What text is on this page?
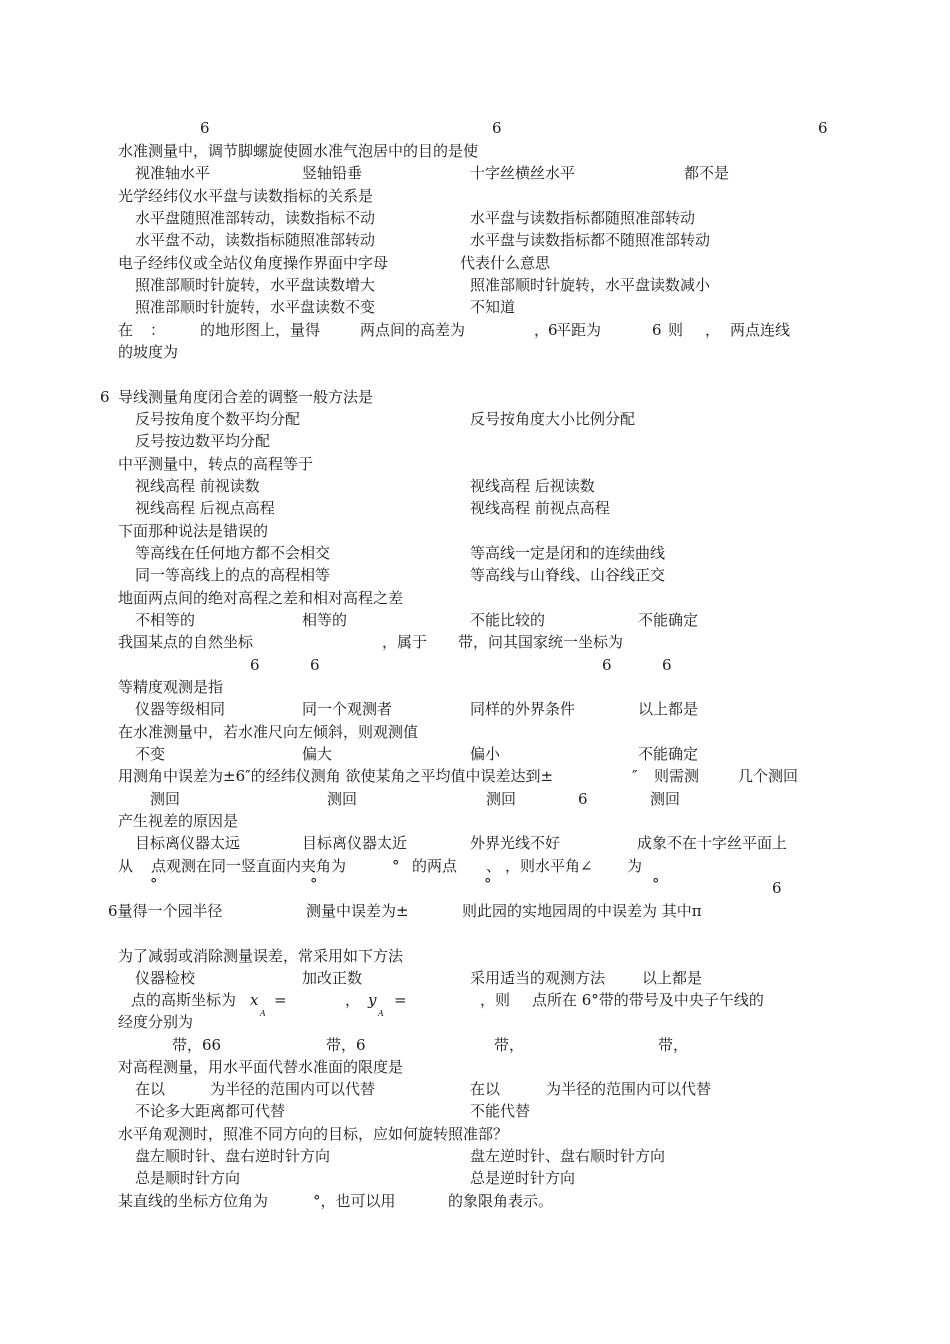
6	6	6
水准测量中，调节脚螺旋使圆水准气泡居中的目的是使
视准轴水平	竖轴铅垂	十字丝横丝水平	都不是
光学经纬仪水平盘与读数指标的关系是
水平盘随照准部转动，读数指标不动	水平盘与读数指标都随照准部转动
水平盘不动，读数指标随照准部转动	水平盘与读数指标都不随照准部转动
电子经纬仪或全站仪角度操作界面中字母	代表什么意思
照准部顺时针旋转，水平盘读数增大	照准部顺时针旋转，水平盘读数减小
照准部顺时针旋转，水平盘读数不变	不知道
在 ： 的地形图上，量得	两点间的高差为	，
6
平距为	6 则 ， 两点连线
的坡度为
6 导线测量角度闭合差的调整一般方法是
反号按角度个数平均分配	反号按角度大小比例分配
反号按边数平均分配
中平测量中，转点的高程等于
视线高程 前视读数	视线高程 后视读数
视线高程 后视点高程	视线高程 前视点高程
下面那种说法是错误的
等高线在任何地方都不会相交	等高线一定是闭和的连续曲线
同一等高线上的点的高程相等	等高线与山脊线、山谷线正交
地面两点间的绝对高程之差和相对高程之差
不相等的	相等的	不能比较的	不能确定
我国某点的自然坐标	，属于 带，问其国家统一坐标为
6	6	6	6
等精度观测是指
仪器等级相同	同一个观测者	同样的外界条件	以上都是
在水准测量中，若水准尺向左倾斜，则观测值
不变	偏大	偏小	不能确定
用测角中误差为±6″的经纬仪测角 欲使某角之平均值中误差达到±	″ 则需测	几个测回
测回	测回	测回	6	测回
产生视差的原因是
目标离仪器太远	目标离仪器太近	外界光线不好	成象不在十字丝平面上
从 点观测在同一竖直面内夹角为	° 的两点 、 ，则水平角∠ 为
°	°	°	°	6
6量得一个园半径	测量中误差为±	则此园的实地园周的中误差为 其中π
为了减弱或消除测量误差，常采用如下方法
仪器检校	加改正数	采用适当的观测方法 以上都是
点的高斯坐标为 x
A
=	， y
A
=	，则 点所在 6°带的带号及中央子午线的
经度分别为
带，66	带，6	带，	带，
对高程测量，用水平面代替水准面的限度是
在以	为半径的范围内可以代替	在以	为半径的范围内可以代替
不论多大距离都可代替	不能代替
水平角观测时，照准不同方向的目标，应如何旋转照准部？
盘左顺时针、盘右逆时针方向	盘左逆时针、盘右顺时针方向
总是顺时针方向	总是逆时针方向
某直线的坐标方位角为	°，也可以用	的象限角表示。
